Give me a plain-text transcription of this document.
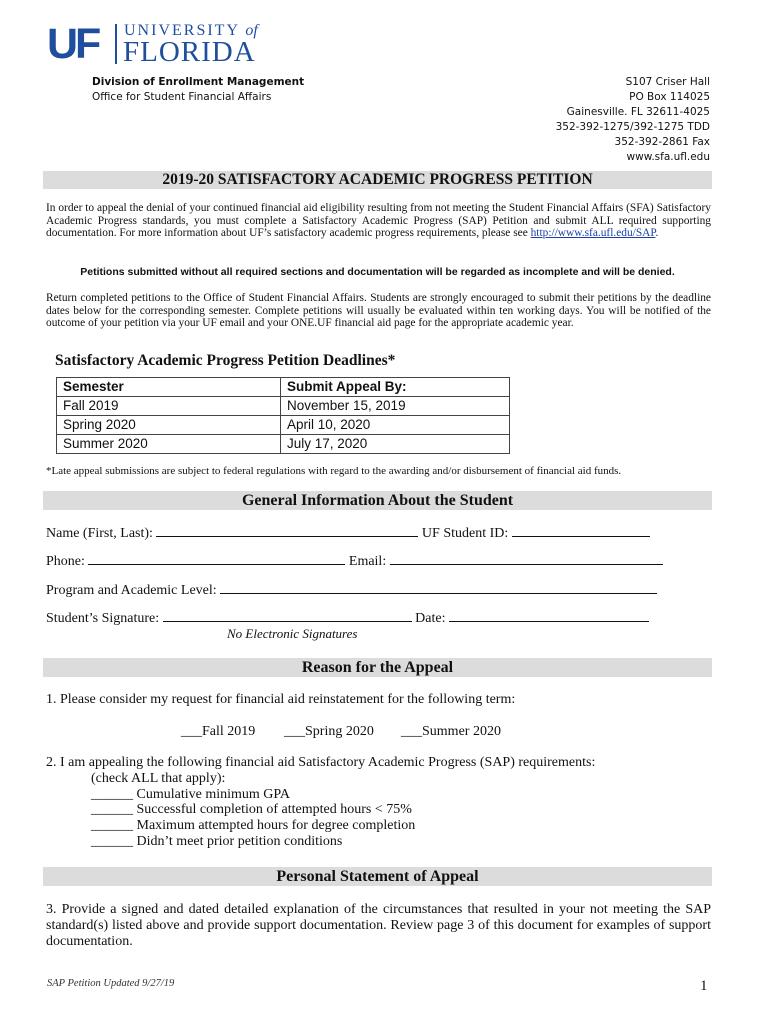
UF UNIVERSITY of
FLORIDA
Division of Enrollment Management
Office for Student Financial Affairs
S107 Criser Hall
PO Box 114025
Gainesville. FL 32611-4025
352-392-1275/392-1275 TDD
352-392-2861 Fax
www.sfa.ufl.edu
2019-20 SATISFACTORY ACADEMIC PROGRESS PETITION
In order to appeal the denial of your continued financial aid eligibility resulting from not meeting the Student Financial Affairs (SFA) Satisfactory Academic Progress standards, you must complete a Satisfactory Academic Progress (SAP) Petition and submit ALL required supporting documentation. For more information about UF’s satisfactory academic progress requirements, please see http://www.sfa.ufl.edu/SAP.
Petitions submitted without all required sections and documentation will be regarded as incomplete and will be denied.
Return completed petitions to the Office of Student Financial Affairs. Students are strongly encouraged to submit their petitions by the deadline dates below for the corresponding semester. Complete petitions will usually be evaluated within ten working days. You will be notified of the outcome of your petition via your UF email and your ONE.UF financial aid page for the appropriate academic year.
Satisfactory Academic Progress Petition Deadlines*
Semester	Submit Appeal By:
Fall 2019	November 15, 2019
Spring 2020	April 10, 2020
Summer 2020	July 17, 2020
*Late appeal submissions are subject to federal regulations with regard to the awarding and/or disbursement of financial aid funds.
General Information About the Student
Name (First, Last):	UF Student ID:
Phone:	Email:
Program and Academic Level:
Student’s Signature:	Date:
No Electronic Signatures
Reason for the Appeal
1. Please consider my request for financial aid reinstatement for the following term:
___Fall 2019 ___Spring 2020 ___Summer 2020
2. I am appealing the following financial aid Satisfactory Academic Progress (SAP) requirements:
(check ALL that apply):
______ Cumulative minimum GPA
______ Successful completion of attempted hours < 75%
______ Maximum attempted hours for degree completion
______ Didn’t meet prior petition conditions
Personal Statement of Appeal
3. Provide a signed and dated detailed explanation of the circumstances that resulted in your not meeting the SAP standard(s) listed above and provide support documentation. Review page 3 of this document for examples of support documentation.
SAP Petition Updated 9/27/19	1
